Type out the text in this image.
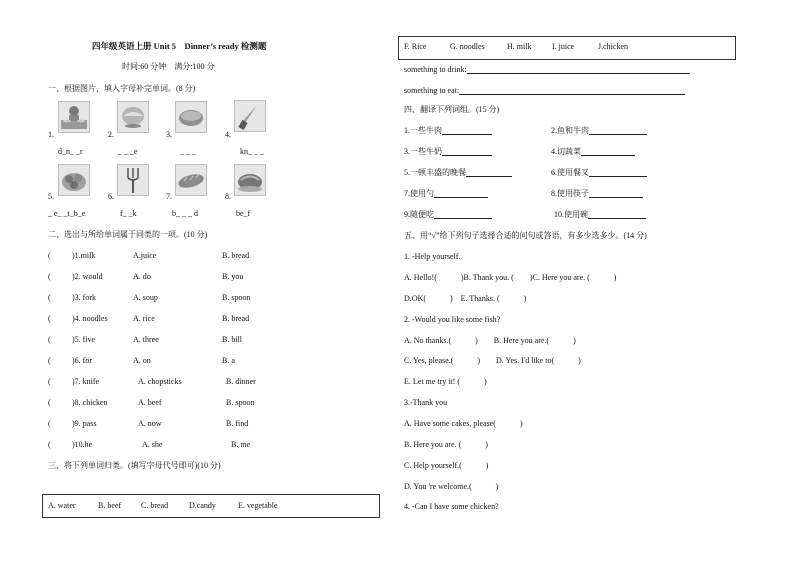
四年级英语上册 Unit 5　Dinner’s ready 检测题
时间:60 分钟　满分:100 分
一、根据图片，填入字母补完单词。(8 分)
1.	2.	3.	4.
d_n_ _r	_ _ _e	_ _ _	kn_ _ _
5.	6.	7.	8.
_ e_ _t_b_e	f_ _k	b_ _ _ d	be_f
二、选出与所给单词属于同类的一项。(10 分)
(	)1.milk	A.juice	B. bread
(	)2. would	A. do	B. you
(	)3. fork	A. soup	B. spoon
(	)4. noodles	A. rice	B. bread
(	)5. five	A. three	B. bill
(	)6. for	A. on	B. a
(	)7. knife	A. chopsticks	B. dinner
(	)8. chicken	A. beef	B. spoon
(	)9. pass	A. now	B. find
(	)10.he	A. she	B. me
三、将下列单词归类。(填写字母代号即可)(10 分)
A. water	B. beef C. bread	D.candy	E. vegetable
F. Rice	G. noodles	H. milk	I. juice	J.chicken
something to drink:
something to eat:
四、翻译下列词组。(15 分)
1.一些牛肉	2.鱼和牛肉
3.一些牛奶	4.切蔬菜
5.一顿丰盛的晚餐	6.使用餐叉
7.使用勺	8.使用筷子
9.随便吃	10.使用碗
五、用“√”给下列句子选择合适的问句或答语，有多少选多少。(14 分)
1. -Help yourself.
A. Hello!(　　　)B. Thank you. (　　)C. Here you are. (　　　)
D.OK(　　　)　E. Thanks. (　　　)
2. -Would you like some fish?
A. No thanks.(　　　)　　B. Here you are.(　　　)
C. Yes, please.(　　　)　　D. Yes. I'd like to(　　　)
E. Let me try it! (　　　)
3.-Thank you
A. Have some cakes, please(　　　)
B. Here you are. (　　　)
C. Help yourself.(　　　)
D. You 're welcome.(　　　)
4. -Can I have some chicken?
